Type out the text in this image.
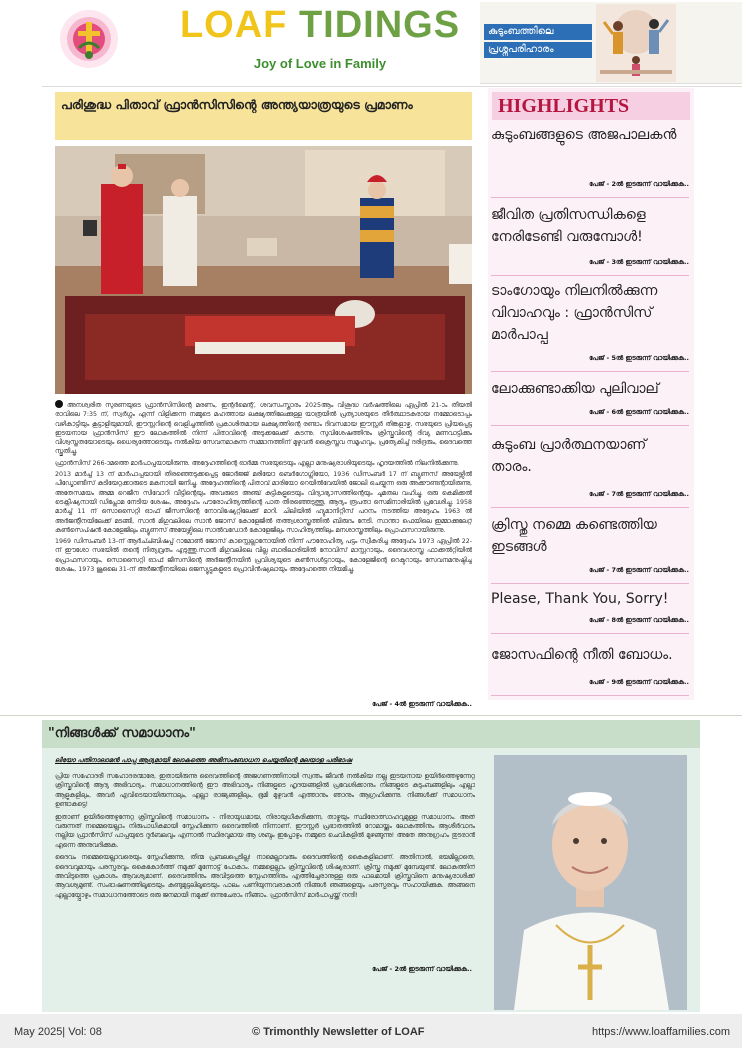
LOAF TIDINGS
Joy of Love in Family
കുടുംബത്തിലെ
പ്രശ്നപരിഹാരം
പരിശുദ്ധ പിതാവ് ഫ്രാൻസിസിന്റെ അന്ത്യയാത്രയുടെ പ്രമാണം

അനശ്വരിത സുരണയുടെ ഫ്രാൻസിസിന്റെ മരണം, ഇന്റർമെന്റ്, ശവസംസ്കാരം 2025ആം വിശുദ്ധ വർഷത്തിലെ ഏപ്രിൽ 21-ാം തീയതി രാവിലെ 7:35 ന്, സ്വർഗ്ഗം എന്ന് വിളിക്കന്ന നമ്മുടെ മഹത്തായ ലക്ഷ്യത്തിലേക്കുള്ള യാത്രയിൽ പ്രത്യാശയുടെ തീർത്ഥാടകരായ നമ്മോടൊപ്പം വഴികാട്ടിയും കൂട്ടാളിയുമായി, ഈസ്റ്ററിന്റെ വെളിച്ചത്തിൽ പ്രകാശിതമായ ലക്ഷ്യത്തിന്റെ രണ്ടാം ദിവസമായ ഈസ്റ്റർ തിങ്കളാഴ്ച, സഭയുടെ പ്രിയപ്പെട്ട ഇടയനായ ഫ്രാൻസിസ് ഈ ലോകത്തിൽ നിന്ന് പിതാവിന്റെ അടുക്കലേക്ക് കടന്നു. സുവിശേഷത്തിനും ക്രിസ്തുവിന്റെ ദിവ്യ മണവാട്ടിക്കും വിശ്വസ്തതയോടെയും ധൈര്യത്തോടെയും നൽകിയ സേവനമാകുന്ന സമ്മാനത്തിന് മുഴുവൻ ക്രൈസ്തവ സമൂഹവും, പ്രത്യേകിച്ച് ദരിദ്രരും, ദൈവത്തെ സ്തുതിച്ചു.

ഫ്രാൻസിസ് 266-ാമത്തെ മാർപാപ്പയായിരുന്നു. അദ്ദേഹത്തിന്റെ ഓർമ്മ സഭയുടെയും എല്ലാ മനുഷ്യരാശിയുടെയും ഹൃദയത്തിൽ നിലനിൽക്കുന്നു.

2013 മാർച്ച് 13 ന് മാർപാപ്പയായി തിരഞ്ഞെടുക്കപ്പെട്ട ജോർജ്ജ് മരിയോ ബെർഗോഗ്ലിയോ, 1936 ഡിസംബർ 17 ന് ബ്യൂണസ് അയേഴ്സിൽ പീഡ്മോണ്ടീസ് കുടിയേറ്റക്കാരുടെ മകനായി ജനിച്ചു. അദ്ദേഹത്തിന്റെ പിതാവ് മാരിയോ റെയിൽവേയിൽ ജോലി ചെയ്യുന്ന ഒരു അക്കൗണ്ടന്റായിരുന്നു, അതേസമയം അമ്മ റെജീന സിവോറി വീട്ടിന്റെയും അവരുടെ അഞ്ച് കുട്ടികളുടെയും വിദ്യാഭ്യാസത്തിന്റെയും ചുമതല വഹിച്ചു. ഒരു കെമിക്കൽ ടെക്നീഷ്യനായി ഡിപ്ലോമ നേടിയ ശേഷം, അദ്ദേഹം പൗരോഹിത്യത്തിന്റെ പാത തിരഞ്ഞെടുത്തു, ആദ്യം രൂപതാ സെമിനാരിയിൽ പ്രവേശിച്ചു. 1958 മാർച്ച് 11 ന് സൊസൈറ്റി ഓഫ് ജീസസിന്റെ നോവിഷ്യേറ്റിലേക്ക് മാറി. ചിലിയിൽ ഹ്യുമാനിറ്റീസ് പഠനം നടത്തിയ അദ്ദേഹം 1963 ൽ അർജന്റീനയിലേക്ക് മടങ്ങി, സാൻ മിഗുവലിലെ സാൻ ജോസ് കോളേജിൽ തത്ത്വശാസ്ത്രത്തിൽ ബിരുദം നേടി. സാന്താ ഫെയിലെ ഇമ്മാക്കുലേറ്റ് കൺസെപ്ഷൻ കോളേജിലും ബ്യൂണസ് അയേഴ്സിലെ സാൽവഡോർ കോളേജിലും സാഹിത്യത്തിലും മനശാസ്ത്രത്തിലും പ്രൊഫസറായിരുന്നു.

1969 ഡിസംബർ 13-ന് ആർച്ച്ബിഷപ്പ് റാമോൺ ജോസ് കാസ്റ്റെല്ലാനോയിൽ നിന്ന് പൗരോഹിത്യ പട്ടം സ്വീകരിച്ച അദ്ദേഹം 1973 ഏപ്രിൽ 22-ന് ഈശോ സഭയിൽ തന്റെ നിത്യവ്രതം എടുത്തു.സാൻ മിഗുവലിലെ വില്ല ബാരിലാരിയിൽ നോവിസ് മാസ്റ്ററായും, ദൈവശാസ്ത്ര ഫാക്കൽറ്റിയിൽ പ്രൊഫസറായും, സൊസൈറ്റി ഓഫ് ജീസസിന്റെ അർജന്റീനയിൻ പ്രവിശ്യയുടെ കൺസൾട്ടറായും, കോളേജിന്റെ റെക്ടറായും സേവനമനുഷ്ഠിച്ച ശേഷം, 1973 ജൂലൈ 31-ന് അർജന്റീനയിലെ ജെസ്യൂട്ടുകളുടെ പ്രൊവിൻഷ്യലായും അദ്ദേഹത്തെ നിയമിച്ചു.

പേജ് - 4ൽ ഇടരുന്ന് വായിക്കുക..
HIGHLIGHTS
കുടുംബങ്ങളുടെ അജപാലകൻ
പേജ് - 2ൽ ഇടരുന്ന് വായിക്കുക..
ജീവിത പ്രതിസന്ധികളെ നേരിടേണ്ടി വരുമ്പോൾ!
പേജ് - 3ൽ ഇടരുന്ന് വായിക്കുക..
ടാംഗോയും നിലനിൽക്കുന്ന വിവാഹവും : ഫ്രാൻസിസ് മാർപാപ്പ
പേജ് - 5ൽ ഇടരുന്ന് വായിക്കുക..
ലോക്കുണ്ടാക്കിയ പുലിവാല്
പേജ് - 6ൽ ഇടരുന്ന് വായിക്കുക..
കുടുംബ പ്രാർത്ഥനയാണ് താരം.
പേജ് - 7ൽ ഇടരുന്ന് വായിക്കുക..
ക്രിസ്തു നമ്മെ കണ്ടെത്തിയ ഇടങ്ങൾ
പേജ് - 7ൽ ഇടരുന്ന് വായിക്കുക..
Please, Thank You, Sorry!
പേജ് - 8ൽ ഇടരുന്ന് വായിക്കുക..
ജോസഫിന്റെ നീതി ബോധം.
പേജ് - 9ൽ ഇടരുന്ന് വായിക്കുക..
"നിങ്ങൾക്ക് സമാധാനം"
ലിയോ പതിനാലാമൻ പാപ്പ ആദ്യമായി ലോകത്തെ അഭിസംബോധന ചെയ്യതിന്റെ മലയാള പരിഭാഷ

പ്രിയ സഹോദരീ സഹോദരന്മാരേ, ഇതായിരുന്നു ദൈവത്തിന്റെ അജഗണത്തിനായി സ്വന്തം ജീവൻ നൽകിയ നല്ല ഇടയനായ ഉയിർത്തെഴുന്നേറ്റ ക്രിസ്തുവിന്റെ ആദ്യ അഭിവാദ്യം. സമാധാനത്തിന്റെ ഈ അഭിവാദ്യം നിങ്ങളുടെ ഹൃദയങ്ങളിൽ പ്രവേശിക്കാനും നിങ്ങളുടെ കുടുംബങ്ങളിലും എല്ലാ ആളുകളിലും, അവർ എവിടെയായിരുന്നാലും, എല്ലാ രാജ്യങ്ങളിലും, ഭൂമി മുഴുവൻ എത്താനും ഞാനും ആഗ്രഹിക്കുന്നു. നിങ്ങൾക്ക് സമാധാനം ഉണ്ടാകട്ടെ!

ഇതാണ് ഉയിർത്തെഴുന്നേറ്റ ക്രിസ്തുവിന്റെ സമാധാനം - നിരായുധമായ, നിരായുധീകരിക്കുന്ന, താഴ്മയും സ്ഥിരോത്സാഹവുമുള്ള സമാധാനം. അത് വരുന്നത് നമ്മെയെല്ലാം നിരുപാധികമായി സ്നേഹിക്കുന്ന ദൈവത്തിൽ നിന്നാണ്. ഈസ്റ്റർ പ്രഭാതത്തിൽ റോമായ്ക്കും ലോകത്തിനും ആശീർവാദം നല്ലിയ ഫ്രാൻസിസ് പാപ്പയുടെ ദുർബലവും എന്നാൽ സ്ഥിരവുമായ ആ ശബ്ദം ഇപ്പോഴും നമ്മുടെ ചെവികളിൽ മുഴങ്ങുന്നു! അതേ അനുഗ്രഹം തുടരാൻ എന്നെ അനുവദിക്കുക.

ദൈവം നമ്മെയെല്ലാവരെയും സ്നേഹിക്കുന്നു, തിന്മ പ്രബലപ്പെടില്ല! നാമെല്ലാവരും ദൈവത്തിന്റെ കൈകളിലാണ്. അതിനാൽ, ഭയമില്ലാതെ, ദൈവവുമായും പരസ്പരവും കൈകോർത്ത് നമുക്ക് മുന്നോട്ട് പോകാം. നമ്മളെല്ലാം ക്രിസ്തുവിന്റെ ശിഷ്യരാണ്. ക്രിസ്തു നമുക്ക് മുമ്പേയുണ്ട്. ലോകത്തിന് അവിടുത്തെ പ്രകാശം ആവശ്യമാണ്. ദൈവത്തിനും അവിടുത്തെ സ്നേഹത്തിനും എത്തിച്ചേരാനുള്ള ഒരു പാലമായി ക്രിസ്തുവിനെ മനുഷ്യരാശിക്ക് ആവശ്യമുണ്ട്. സംഭാഷണത്തിലൂടെയും കണ്ടുമുട്ടലിലൂടെയും പാലം പണിയുന്നവരാകാൻ നിങ്ങൾ ഞങ്ങളെയും പരസ്പരവും സഹായിക്കുക. അങ്ങനെ എല്ലായ്പ്പോഴും സമാധാനത്തോടെ ഒരു ജനമായി നമുക്ക് ഒന്നുചേരാം നീങ്ങാം. ഫ്രാൻസിസ് മാർപാപ്പയ്ക്ക് നന്ദി!

പേജ് - 2ൽ ഇടരുന്ന് വായിക്കുക..
May 2025| Vol: 08	© Trimonthly Newsletter of LOAF	https://www.loaffamilies.com
